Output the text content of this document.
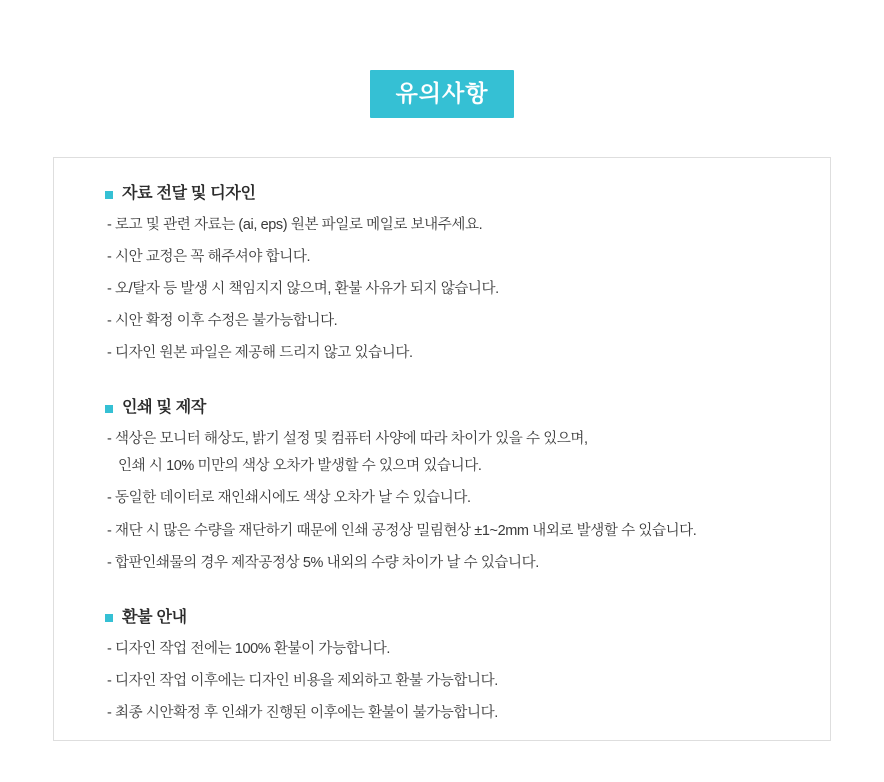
유의사항
자료 전달 및 디자인

- 로고 및 관련 자료는 (ai, eps) 원본 파일로 메일로 보내주세요.

- 시안 교정은 꼭 해주셔야 합니다.

- 오/탈자 등 발생 시 책임지지 않으며, 환불 사유가 되지 않습니다.

- 시안 확정 이후 수정은 불가능합니다.

- 디자인 원본 파일은 제공해 드리지 않고 있습니다.

인쇄 및 제작

- 색상은 모니터 해상도, 밝기 설정 및 컴퓨터 사양에 따라 차이가 있을 수 있으며,

인쇄 시 10% 미만의 색상 오차가 발생할 수 있으며 있습니다.

- 동일한 데이터로 재인쇄시에도 색상 오차가 날 수 있습니다.

- 재단 시 많은 수량을 재단하기 때문에 인쇄 공정상 밀림현상 ±1~2mm 내외로 발생할 수 있습니다.

- 합판인쇄물의 경우 제작공정상 5% 내외의 수량 차이가 날 수 있습니다.

환불 안내

- 디자인 작업 전에는 100% 환불이 가능합니다.

- 디자인 작업 이후에는 디자인 비용을 제외하고 환불 가능합니다.

- 최종 시안확정 후 인쇄가 진행된 이후에는 환불이 불가능합니다.
